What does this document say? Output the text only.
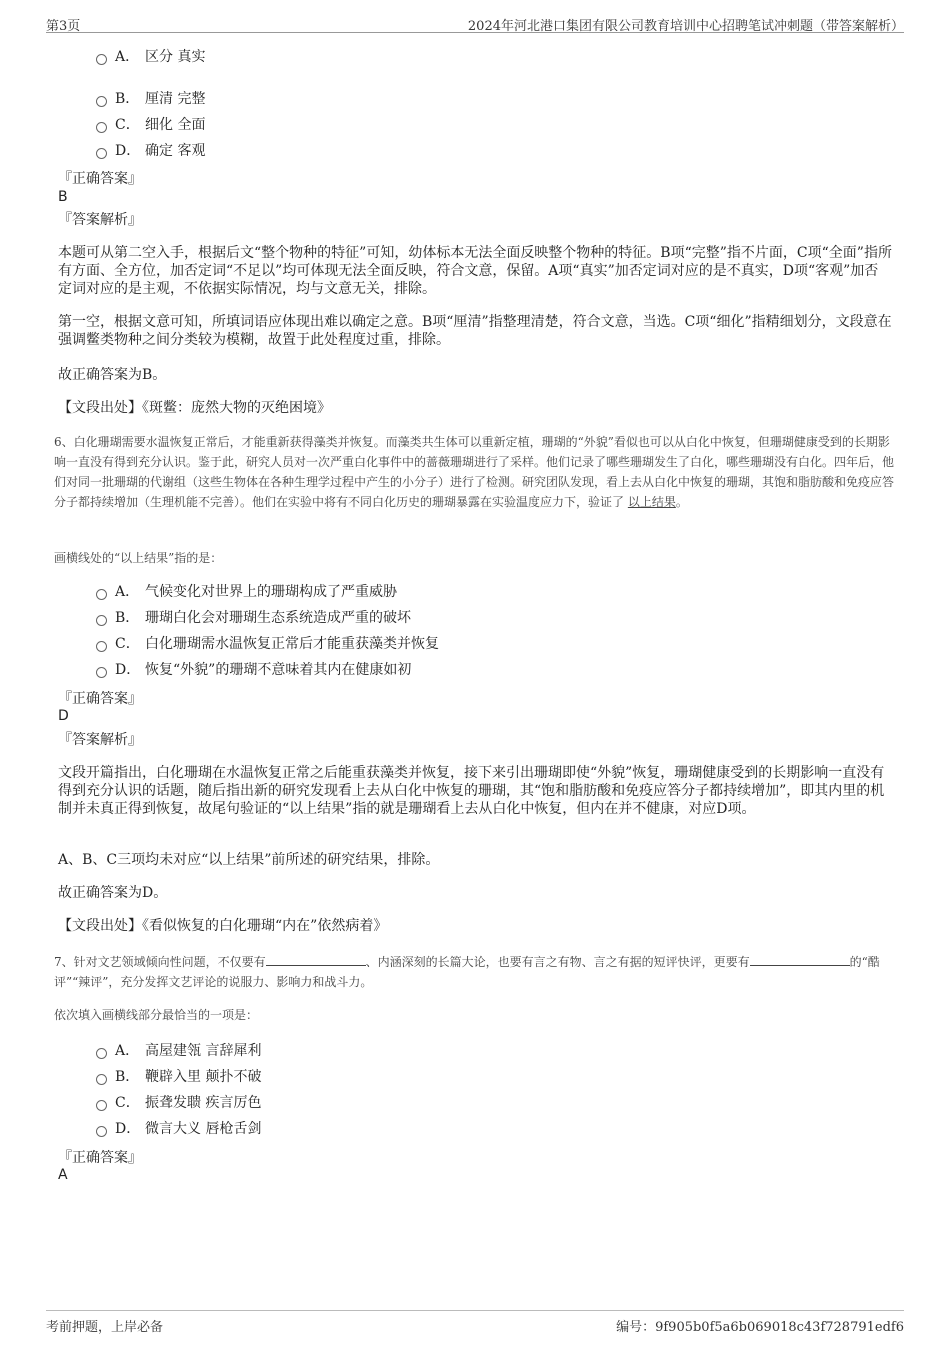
第3页	2024年河北港口集团有限公司教育培训中心招聘笔试冲刺题（带答案解析）
A． 区分 真实
B． 厘清 完整
C． 细化 全面
D． 确定 客观
『正确答案』
B
『答案解析』
本题可从第二空入手，根据后文“整个物种的特征”可知，幼体标本无法全面反映整个物种的特征。B项“完整”指不片面，C项“全面”指所有方面、全方位，加否定词“不足以”均可体现无法全面反映，符合文意，保留。A项“真实”加否定词对应的是不真实，D项“客观”加否定词对应的是主观，不依据实际情况，均与文意无关，排除。
第一空，根据文意可知，所填词语应体现出难以确定之意。B项“厘清”指整理清楚，符合文意，当选。C项“细化”指精细划分，文段意在强调鳖类物种之间分类较为模糊，故置于此处程度过重，排除。
故正确答案为B。
【文段出处】《斑鳖：庞然大物的灭绝困境》
6、白化珊瑚需要水温恢复正常后，才能重新获得藻类并恢复。而藻类共生体可以重新定植，珊瑚的“外貌”看似也可以从白化中恢复，但珊瑚健康受到的长期影响一直没有得到充分认识。鉴于此，研究人员对一次严重白化事件中的蔷薇珊瑚进行了采样。他们记录了哪些珊瑚发生了白化，哪些珊瑚没有白化。四年后，他们对同一批珊瑚的代谢组（这些生物体在各种生理学过程中产生的小分子）进行了检测。研究团队发现，看上去从白化中恢复的珊瑚，其饱和脂肪酸和免疫应答分子都持续增加（生理机能不完善）。他们在实验中将有不同白化历史的珊瑚暴露在实验温度应力下，验证了 以上结果。
画横线处的“以上结果”指的是：
A． 气候变化对世界上的珊瑚构成了严重威胁
B． 珊瑚白化会对珊瑚生态系统造成严重的破坏
C． 白化珊瑚需水温恢复正常后才能重获藻类并恢复
D． 恢复“外貌”的珊瑚不意味着其内在健康如初
『正确答案』
D
『答案解析』
文段开篇指出，白化珊瑚在水温恢复正常之后能重获藻类并恢复，接下来引出珊瑚即使“外貌”恢复，珊瑚健康受到的长期影响一直没有得到充分认识的话题，随后指出新的研究发现看上去从白化中恢复的珊瑚，其“饱和脂肪酸和免疫应答分子都持续增加”，即其内里的机制并未真正得到恢复，故尾句验证的“以上结果”指的就是珊瑚看上去从白化中恢复，但内在并不健康，对应D项。
A、B、C三项均未对应“以上结果”前所述的研究结果，排除。
故正确答案为D。
【文段出处】《看似恢复的白化珊瑚“内在”依然病着》
7、针对文艺领域倾向性问题，不仅要有	、内涵深刻的长篇大论，也要有言之有物、言之有据的短评快评，更要有	的“酷评”“辣评”，充分发挥文艺评论的说服力、影响力和战斗力。
依次填入画横线部分最恰当的一项是：
A． 高屋建瓴 言辞犀利
B． 鞭辟入里 颠扑不破
C． 振聋发聩 疾言厉色
D． 微言大义 唇枪舌剑
『正确答案』
A
考前押题，上岸必备	编号：9f905b0f5a6b069018c43f728791edf6
